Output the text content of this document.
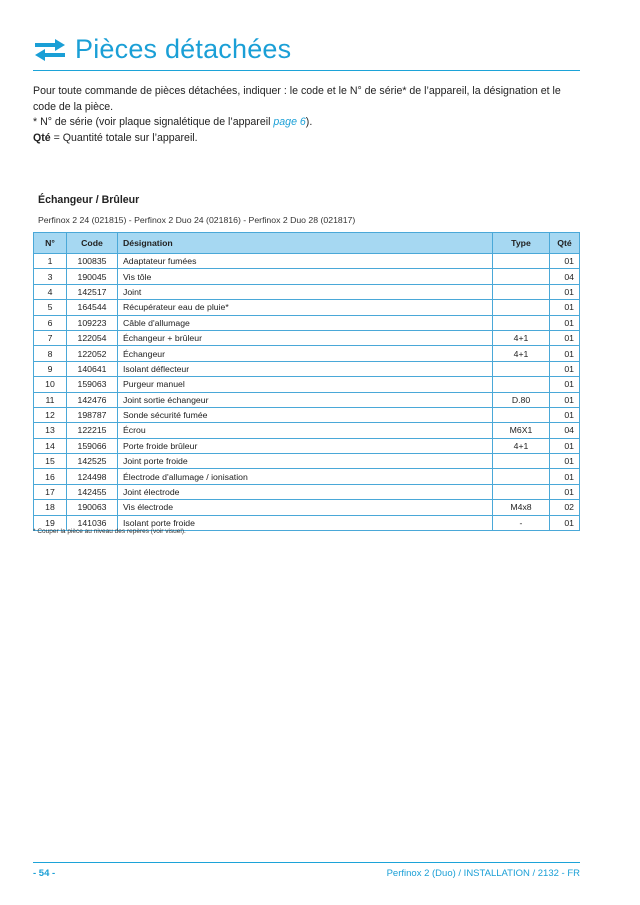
Pièces détachées

Pour toute commande de pièces détachées, indiquer : le code et le N° de série* de l’appareil, la désignation et le code de la pièce.

* N° de série (voir plaque signalétique de l’appareil page 6).

Qté = Quantité totale sur l’appareil.

Échangeur / Brûleur
Perfinox 2 24 (021815) - Perfinox 2 Duo 24 (021816) - Perfinox 2 Duo 28 (021817)
N°	Code	Désignation	Type	Qté
1	100835	Adaptateur fumées		01
3	190045	Vis tôle		04
4	142517	Joint		01
5	164544	Récupérateur eau de pluie*		01
6	109223	Câble d'allumage		01
7	122054	Échangeur + brûleur	4+1	01
8	122052	Échangeur	4+1	01
9	140641	Isolant déflecteur		01
10	159063	Purgeur manuel		01
11	142476	Joint sortie échangeur	D.80	01
12	198787	Sonde sécurité fumée		01
13	122215	Écrou	M6X1	04
14	159066	Porte froide brûleur	4+1	01
15	142525	Joint porte froide		01
16	124498	Électrode d'allumage / ionisation		01
17	142455	Joint électrode		01
18	190063	Vis électrode	M4x8	02
19	141036	Isolant porte froide	-	01
* Couper la pièce au niveau des repères (voir visuel).
- 54 -	Perfinox 2 (Duo) / INSTALLATION / 2132 - FR
